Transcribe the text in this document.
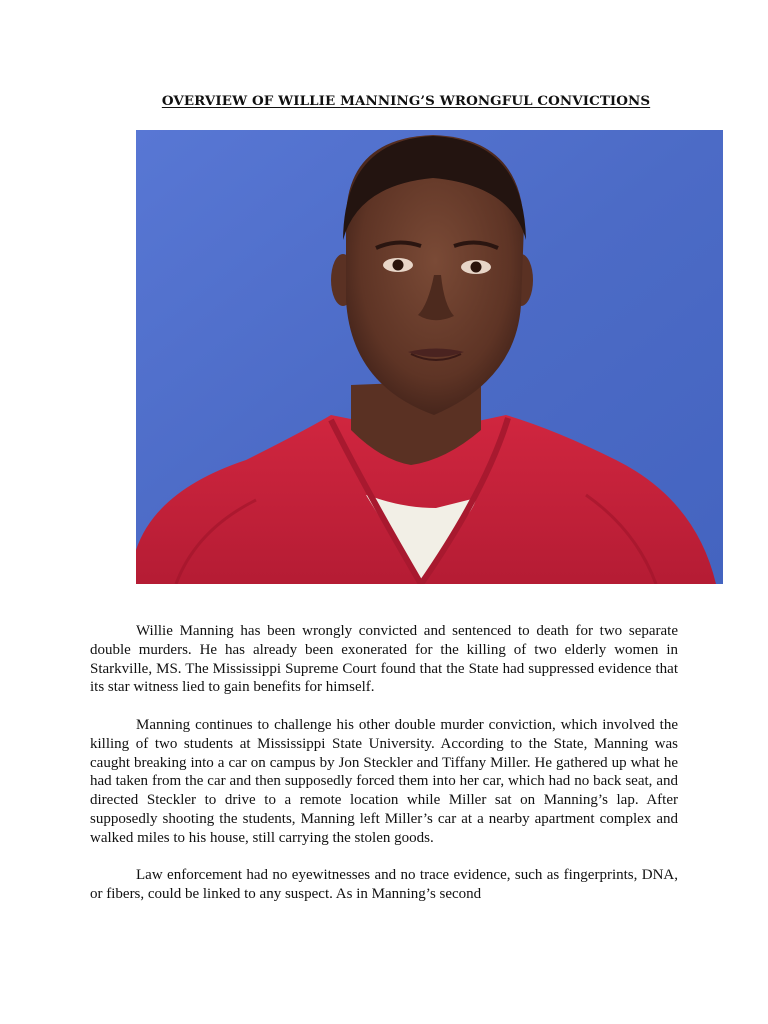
OVERVIEW OF WILLIE MANNING’S WRONGFUL CONVICTIONS

Willie Manning has been wrongly convicted and sentenced to death for two separate double murders. He has already been exonerated for the killing of two elderly women in Starkville, MS. The Mississippi Supreme Court found that the State had suppressed evidence that its star witness lied to gain benefits for himself.

Manning continues to challenge his other double murder conviction, which involved the killing of two students at Mississippi State University. According to the State, Manning was caught breaking into a car on campus by Jon Steckler and Tiffany Miller. He gathered up what he had taken from the car and then supposedly forced them into her car, which had no back seat, and directed Steckler to drive to a remote location while Miller sat on Manning’s lap. After supposedly shooting the students, Manning left Miller’s car at a nearby apartment complex and walked miles to his house, still carrying the stolen goods.

Law enforcement had no eyewitnesses and no trace evidence, such as fingerprints, DNA, or fibers, could be linked to any suspect. As in Manning’s second
